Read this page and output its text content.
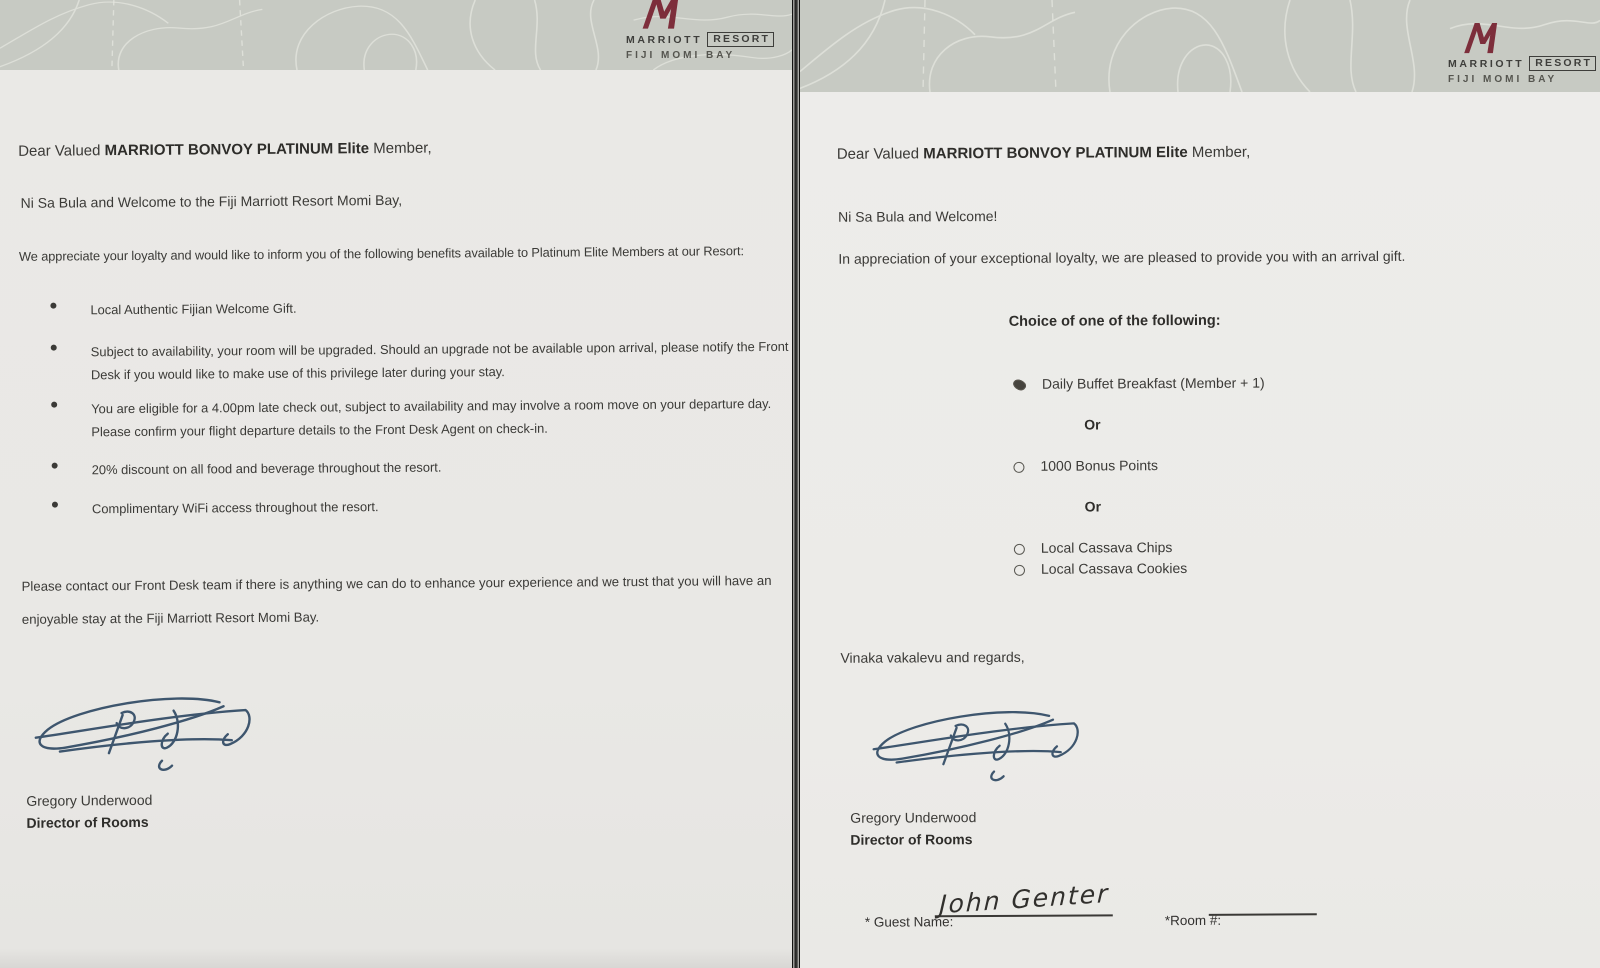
MARRIOTT	RESORT
FIJI MOMI BAY
Dear Valued MARRIOTT BONVOY PLATINUM Elite Member,
Ni Sa Bula and Welcome to the Fiji Marriott Resort Momi Bay,
We appreciate your loyalty and would like to inform you of the following benefits available to Platinum Elite Members at our Resort:
Local Authentic Fijian Welcome Gift.
Subject to availability, your room will be upgraded. Should an upgrade not be available upon arrival, please notify the Front
Desk if you would like to make use of this privilege later during your stay.
You are eligible for a 4.00pm late check out, subject to availability and may involve a room move on your departure day.
Please confirm your flight departure details to the Front Desk Agent on check-in.
20% discount on all food and beverage throughout the resort.
Complimentary WiFi access throughout the resort.
Please contact our Front Desk team if there is anything we can do to enhance your experience and we trust that you will have an
enjoyable stay at the Fiji Marriott Resort Momi Bay.
Gregory Underwood
Director of Rooms
MARRIOTT	RESORT
FIJI MOMI BAY
Dear Valued MARRIOTT BONVOY PLATINUM Elite Member,
Ni Sa Bula and Welcome!
In appreciation of your exceptional loyalty, we are pleased to provide you with an arrival gift.
Choice of one of the following:
Daily Buffet Breakfast (Member + 1)
Or
1000 Bonus Points
Or
Local Cassava Chips
Local Cassava Cookies
Vinaka vakalevu and regards,
Gregory Underwood
Director of Rooms
* Guest Name:
John Genter
*Room #:
